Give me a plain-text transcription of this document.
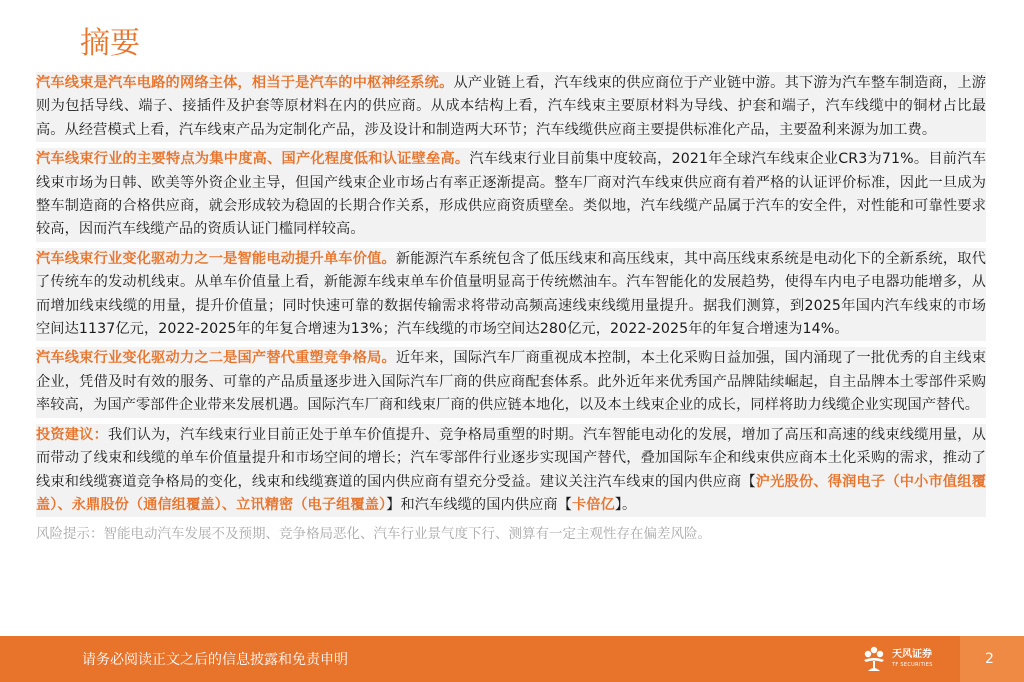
摘要

汽车线束是汽车电路的网络主体，相当于是汽车的中枢神经系统。从产业链上看，汽车线束的供应商位于产业链中游。其下游为汽车整车制造商，上游则为包括导线、端子、接插件及护套等原材料在内的供应商。从成本结构上看，汽车线束主要原材料为导线、护套和端子，汽车线缆中的铜材占比最高。从经营模式上看，汽车线束产品为定制化产品，涉及设计和制造两大环节；汽车线缆供应商主要提供标准化产品，主要盈利来源为加工费。

汽车线束行业的主要特点为集中度高、国产化程度低和认证壁垒高。汽车线束行业目前集中度较高，2021年全球汽车线束企业CR3为71%。目前汽车线束市场为日韩、欧美等外资企业主导，但国产线束企业市场占有率正逐渐提高。整车厂商对汽车线束供应商有着严格的认证评价标准，因此一旦成为整车制造商的合格供应商，就会形成较为稳固的长期合作关系，形成供应商资质壁垒。类似地，汽车线缆产品属于汽车的安全件，对性能和可靠性要求较高，因而汽车线缆产品的资质认证门槛同样较高。

汽车线束行业变化驱动力之一是智能电动提升单车价值。新能源汽车系统包含了低压线束和高压线束，其中高压线束系统是电动化下的全新系统，取代了传统车的发动机线束。从单车价值量上看，新能源车线束单车价值量明显高于传统燃油车。汽车智能化的发展趋势，使得车内电子电器功能增多，从而增加线束线缆的用量，提升价值量；同时快速可靠的数据传输需求将带动高频高速线束线缆用量提升。据我们测算，到2025年国内汽车线束的市场空间达1137亿元，2022-2025年的年复合增速为13%；汽车线缆的市场空间达280亿元，2022-2025年的年复合增速为14%。

汽车线束行业变化驱动力之二是国产替代重塑竞争格局。近年来，国际汽车厂商重视成本控制，本土化采购日益加强，国内涌现了一批优秀的自主线束企业，凭借及时有效的服务、可靠的产品质量逐步进入国际汽车厂商的供应商配套体系。此外近年来优秀国产品牌陆续崛起，自主品牌本土零部件采购率较高，为国产零部件企业带来发展机遇。国际汽车厂商和线束厂商的供应链本地化，以及本土线束企业的成长，同样将助力线缆企业实现国产替代。

投资建议：我们认为，汽车线束行业目前正处于单车价值提升、竞争格局重塑的时期。汽车智能电动化的发展，增加了高压和高速的线束线缆用量，从而带动了线束和线缆的单车价值量提升和市场空间的增长；汽车零部件行业逐步实现国产替代，叠加国际车企和线束供应商本土化采购的需求，推动了线束和线缆赛道竞争格局的变化，线束和线缆赛道的国内供应商有望充分受益。建议关注汽车线束的国内供应商【沪光股份、得润电子（中小市值组覆盖）、永鼎股份（通信组覆盖）、立讯精密（电子组覆盖）】和汽车线缆的国内供应商【卡倍亿】。

风险提示：智能电动汽车发展不及预期、竞争格局恶化、汽车行业景气度下行、测算有一定主观性存在偏差风险。

请务必阅读正文之后的信息披露和免责申明	天风证券
TF SECURITIES	2
